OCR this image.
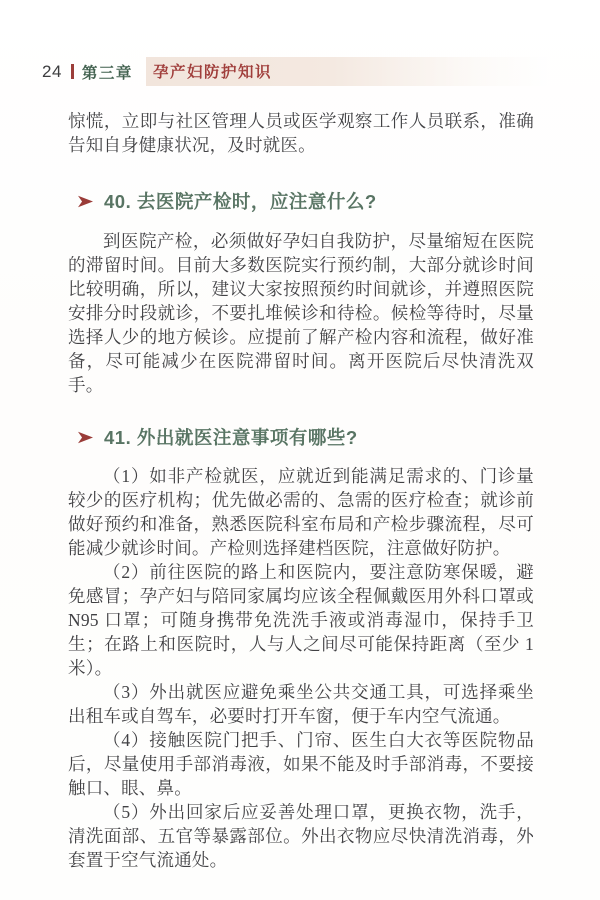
24 第三章	孕产妇防护知识

惊慌，立即与社区管理人员或医学观察工作人员联系，准确告知自身健康状况，及时就医。

40. 去医院产检时，应注意什么?

到医院产检，必须做好孕妇自我防护，尽量缩短在医院的滞留时间。目前大多数医院实行预约制，大部分就诊时间比较明确，所以，建议大家按照预约时间就诊，并遵照医院安排分时段就诊，不要扎堆候诊和待检。候检等待时，尽量选择人少的地方候诊。应提前了解产检内容和流程，做好准备，尽可能减少在医院滞留时间。离开医院后尽快清洗双手。

41. 外出就医注意事项有哪些?

（1）如非产检就医，应就近到能满足需求的、门诊量较少的医疗机构；优先做必需的、急需的医疗检查；就诊前做好预约和准备，熟悉医院科室布局和产检步骤流程，尽可能减少就诊时间。产检则选择建档医院，注意做好防护。

（2）前往医院的路上和医院内，要注意防寒保暖，避免感冒；孕产妇与陪同家属均应该全程佩戴医用外科口罩或 N95 口罩；可随身携带免洗洗手液或消毒湿巾，保持手卫生；在路上和医院时，人与人之间尽可能保持距离（至少 1 米）。

（3）外出就医应避免乘坐公共交通工具，可选择乘坐出租车或自驾车，必要时打开车窗，便于车内空气流通。

（4）接触医院门把手、门帘、医生白大衣等医院物品后，尽量使用手部消毒液，如果不能及时手部消毒，不要接触口、眼、鼻。

（5）外出回家后应妥善处理口罩，更换衣物，洗手，清洗面部、五官等暴露部位。外出衣物应尽快清洗消毒，外套置于空气流通处。
